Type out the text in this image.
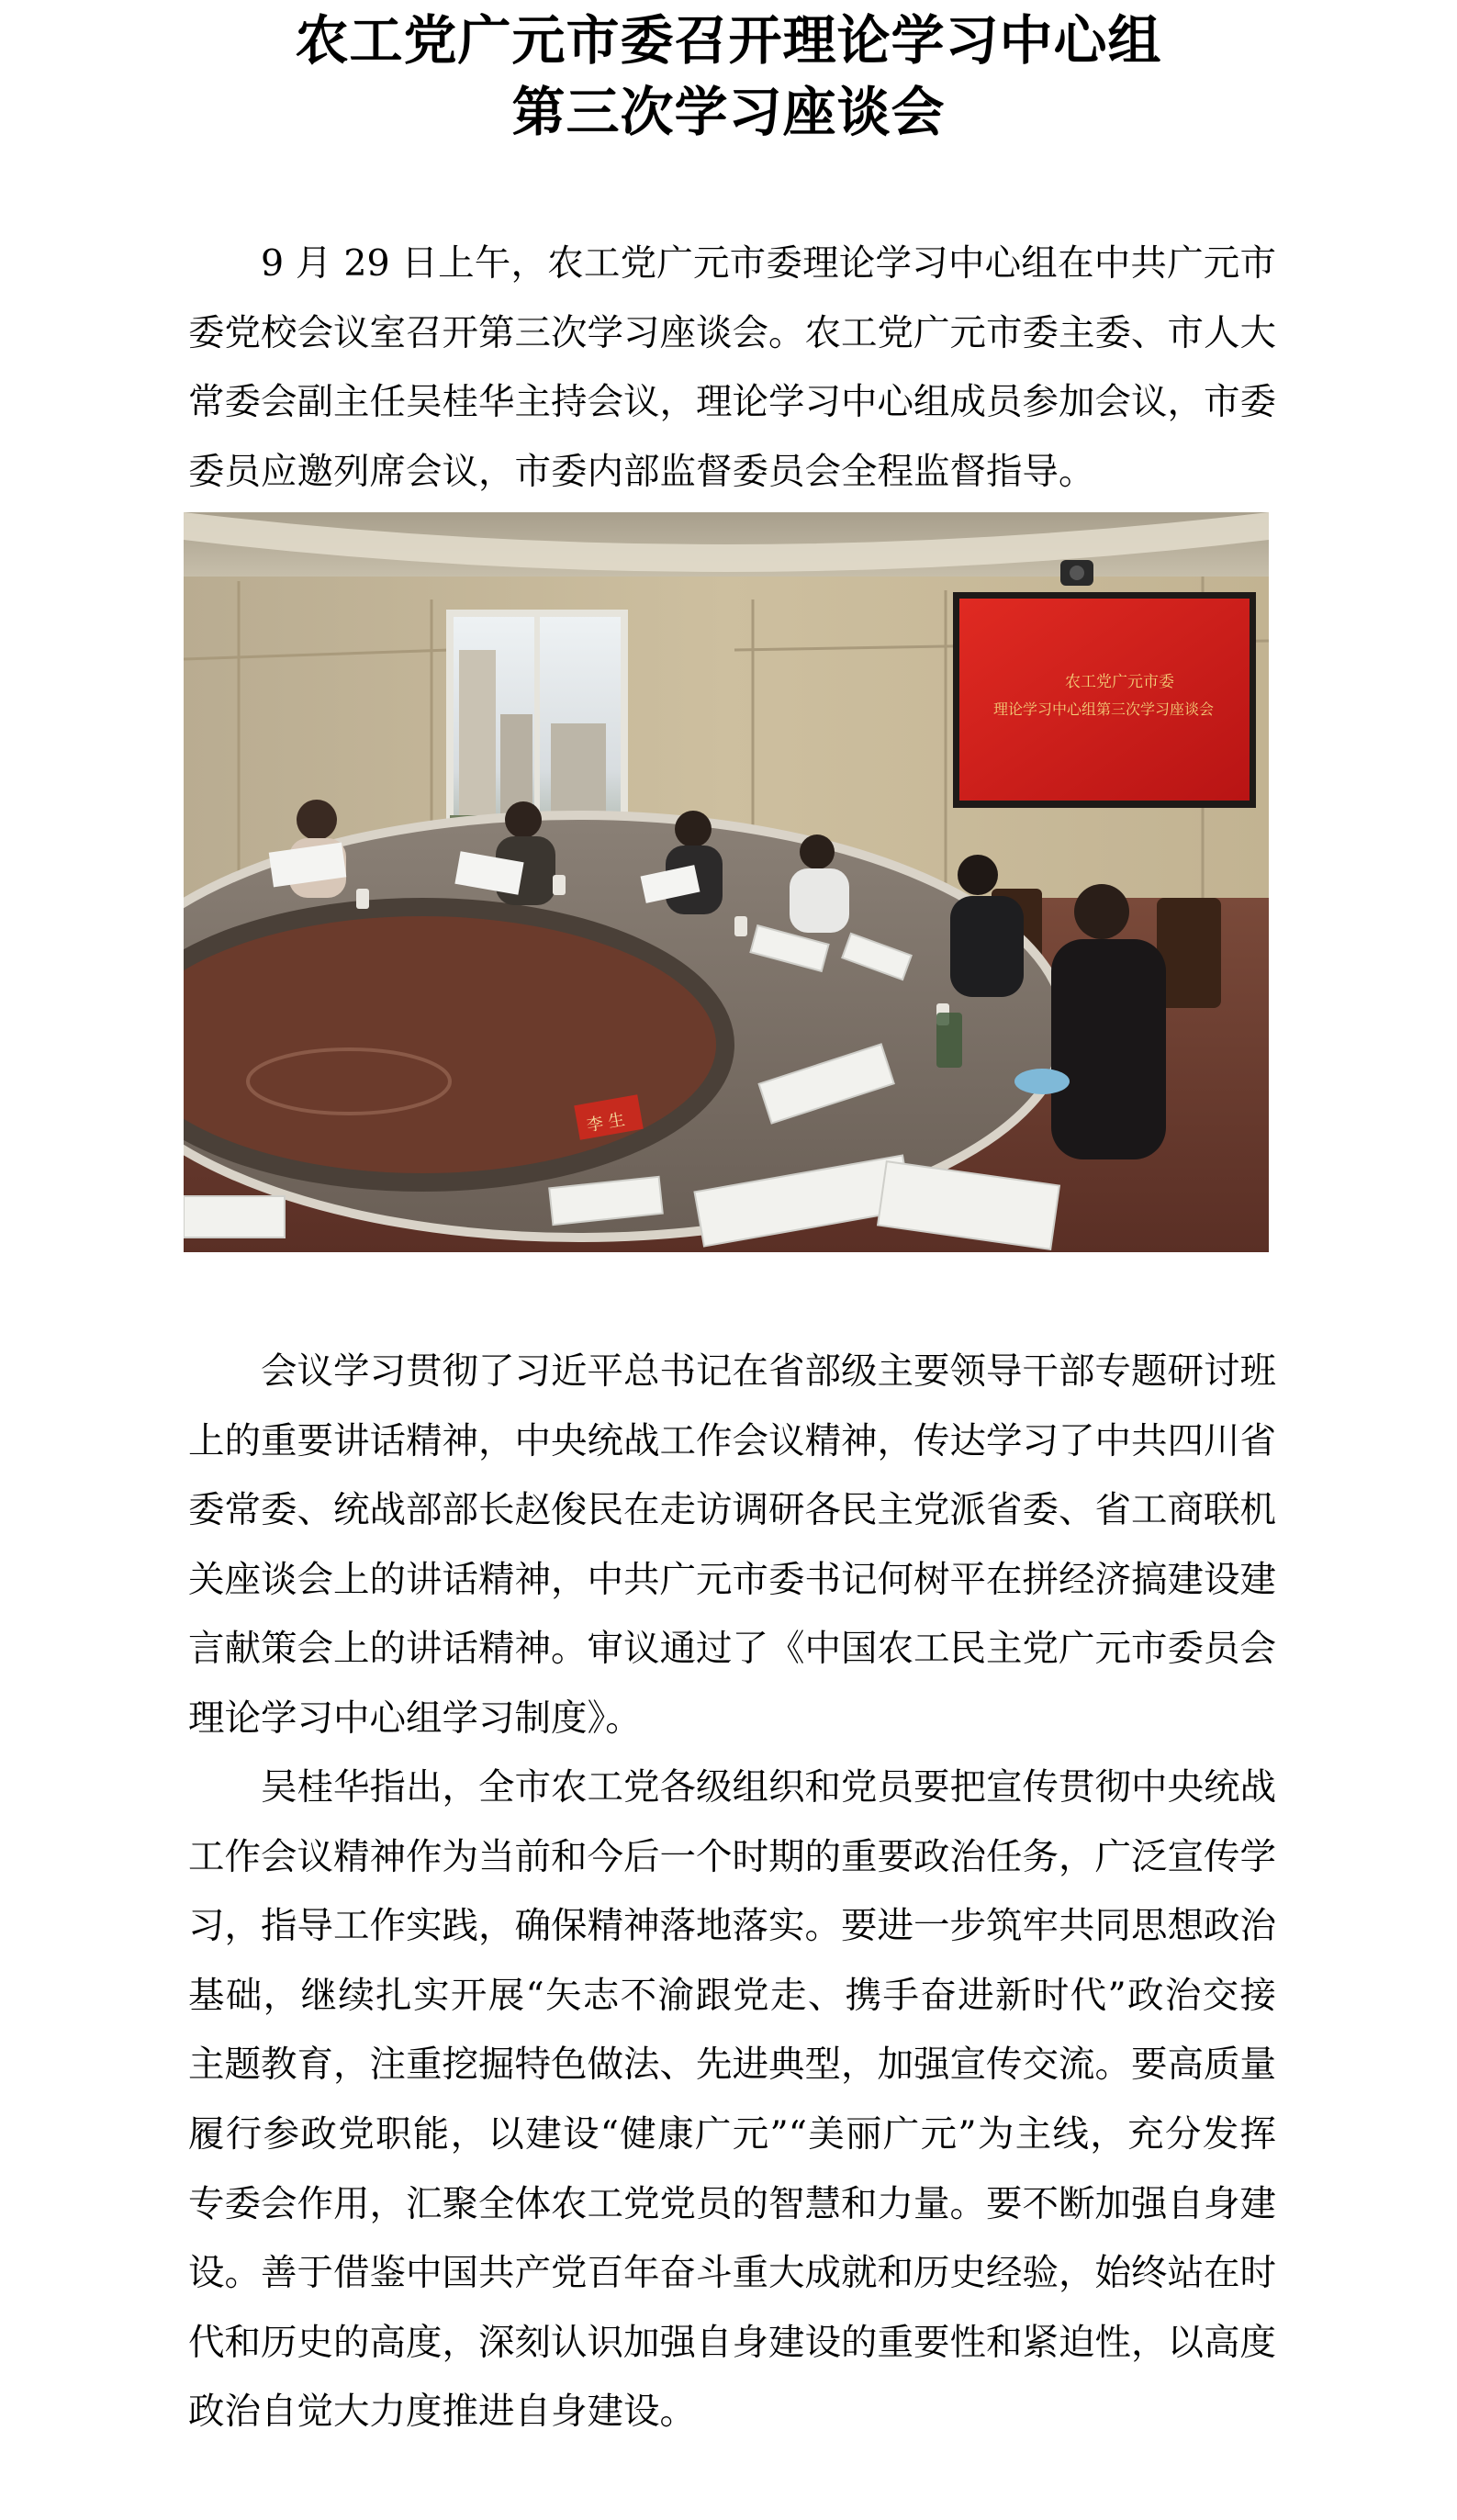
农工党广元市委召开理论学习中心组
第三次学习座谈会

9 月 29 日上午，农工党广元市委理论学习中心组在中共广元市委党校会议室召开第三次学习座谈会。农工党广元市委主委、市人大常委会副主任吴桂华主持会议，理论学习中心组成员参加会议，市委委员应邀列席会议，市委内部监督委员会全程监督指导。

农工党广元市委
理论学习中心组第三次学习座谈会
李 生

会议学习贯彻了习近平总书记在省部级主要领导干部专题研讨班上的重要讲话精神，中央统战工作会议精神，传达学习了中共四川省委常委、统战部部长赵俊民在走访调研各民主党派省委、省工商联机关座谈会上的讲话精神，中共广元市委书记何树平在拼经济搞建设建言献策会上的讲话精神。审议通过了《中国农工民主党广元市委员会理论学习中心组学习制度》。

吴桂华指出，全市农工党各级组织和党员要把宣传贯彻中央统战工作会议精神作为当前和今后一个时期的重要政治任务，广泛宣传学习，指导工作实践，确保精神落地落实。要进一步筑牢共同思想政治基础，继续扎实开展“矢志不渝跟党走、携手奋进新时代”政治交接主题教育，注重挖掘特色做法、先进典型，加强宣传交流。要高质量履行参政党职能，以建设“健康广元”“美丽广元”为主线，充分发挥专委会作用，汇聚全体农工党党员的智慧和力量。要不断加强自身建设。善于借鉴中国共产党百年奋斗重大成就和历史经验，始终站在时代和历史的高度，深刻认识加强自身建设的重要性和紧迫性，以高度政治自觉大力度推进自身建设。
